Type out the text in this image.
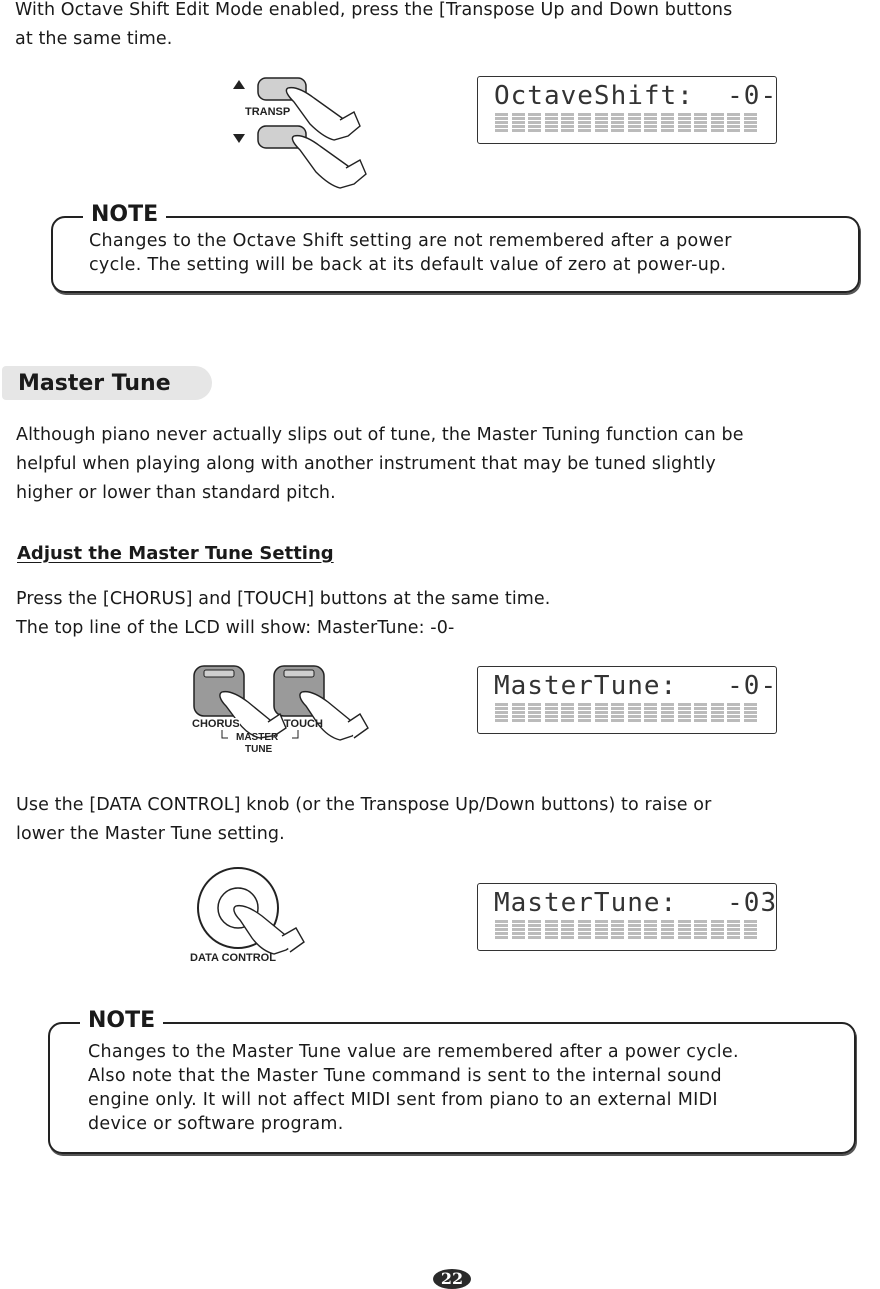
With Octave Shift Edit Mode enabled, press the [Transpose Up and Down buttons
at the same time.
TRANSP
OctaveShift:  -0-
NOTE
Changes to the Octave Shift setting are not remembered after a power
cycle. The setting will be back at its default value of zero at power-up.
Master Tune
Although piano never actually slips out of tune, the Master Tuning function can be
helpful when playing along with another instrument that may be tuned slightly
higher or lower than standard pitch.
Adjust the Master Tune Setting
Press the [CHORUS] and [TOUCH] buttons at the same time.
The top line of the LCD will show: MasterTune: -0-
CHORUS	TOUCH
MASTER
TUNE
MasterTune:   -0-
Use the [DATA CONTROL] knob (or the Transpose Up/Down buttons) to raise or
lower the Master Tune setting.
DATA CONTROL
MasterTune:   -03
NOTE
Changes to the Master Tune value are remembered after a power cycle.
Also note that the Master Tune command is sent to the internal sound
engine only. It will not affect MIDI sent from piano to an external MIDI
device or software program.
22
